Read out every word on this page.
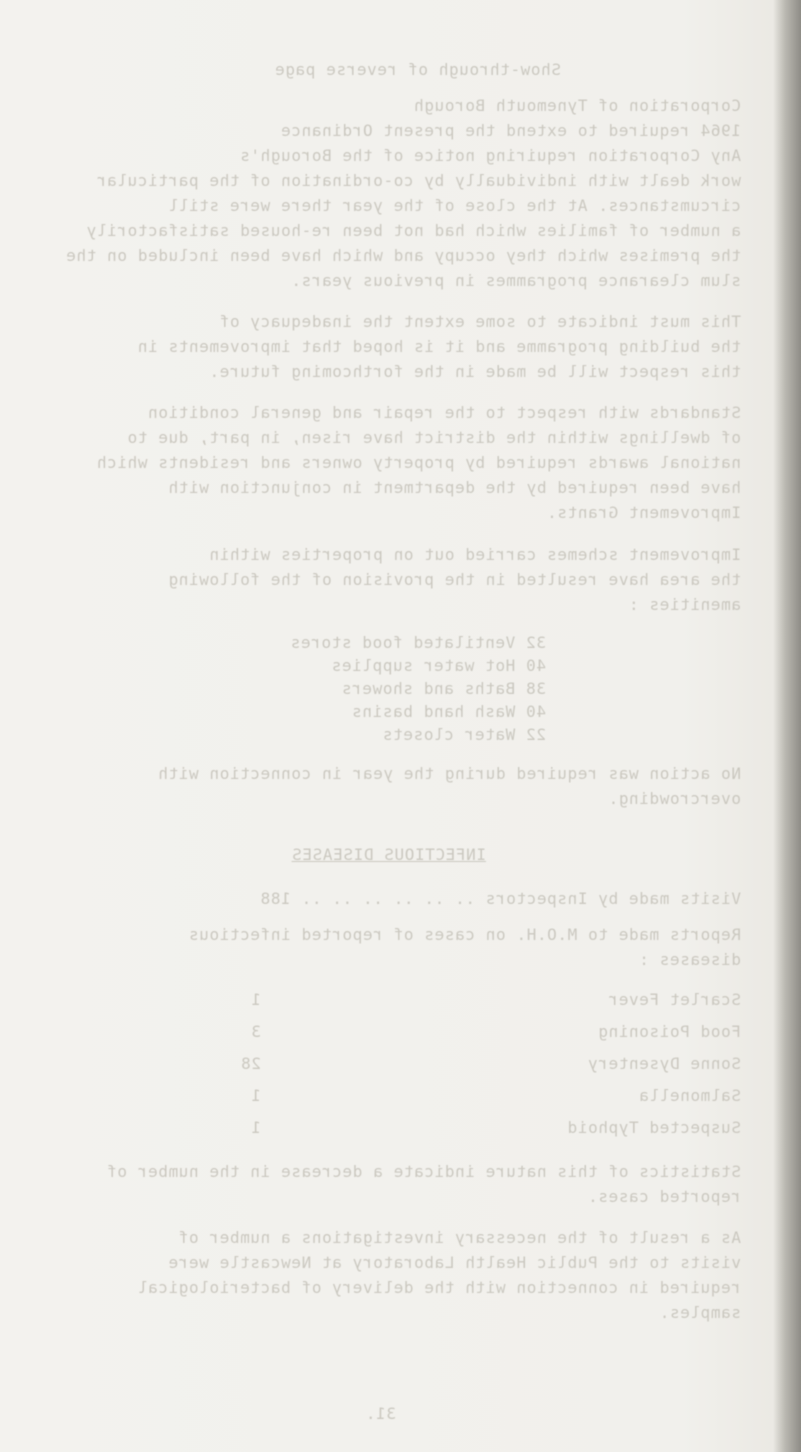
Show-through of reverse page
Corporation of Tynemouth Borough
1964 required to extend the present Ordinance
Any Corporation requiring notice of the Borough's
work dealt with individually by co-ordination of the particular
circumstances. At the close of the year there were still
a number of families which had not been re-housed satisfactorily
the premises which they occupy and which have been included on the
slum clearance programmes in previous years.
This must indicate to some extent the inadequacy of
the building programme and it is hoped that improvements in
this respect will be made in the forthcoming future.
Standards with respect to the repair and general condition
of dwellings within the district have risen, in part, due to
national awards required by property owners and residents which
have been required by the department in conjunction with
Improvement Grants.
Improvement schemes carried out on properties within
the area have resulted in the provision of the following
amenities :
32 Ventilated food stores
40 Hot water supplies
38 Baths and showers
40 Wash hand basins
22 Water closets
No action was required during the year in connection with
overcrowding.
INFECTIOUS DISEASES
Visits made by Inspectors .. .. .. .. .. .. 188
Reports made to M.O.H. on cases of reported infectious
diseases :
Scarlet Fever
1
Food Poisoning
3
Sonne Dysentery
28
Salmonella
1
Suspected Typhoid
1
Statistics of this nature indicate a decrease in the number of
reported cases.
As a result of the necessary investigations a number of
visits to the Public Health Laboratory at Newcastle were
required in connection with the delivery of bacteriological
samples.
31.
